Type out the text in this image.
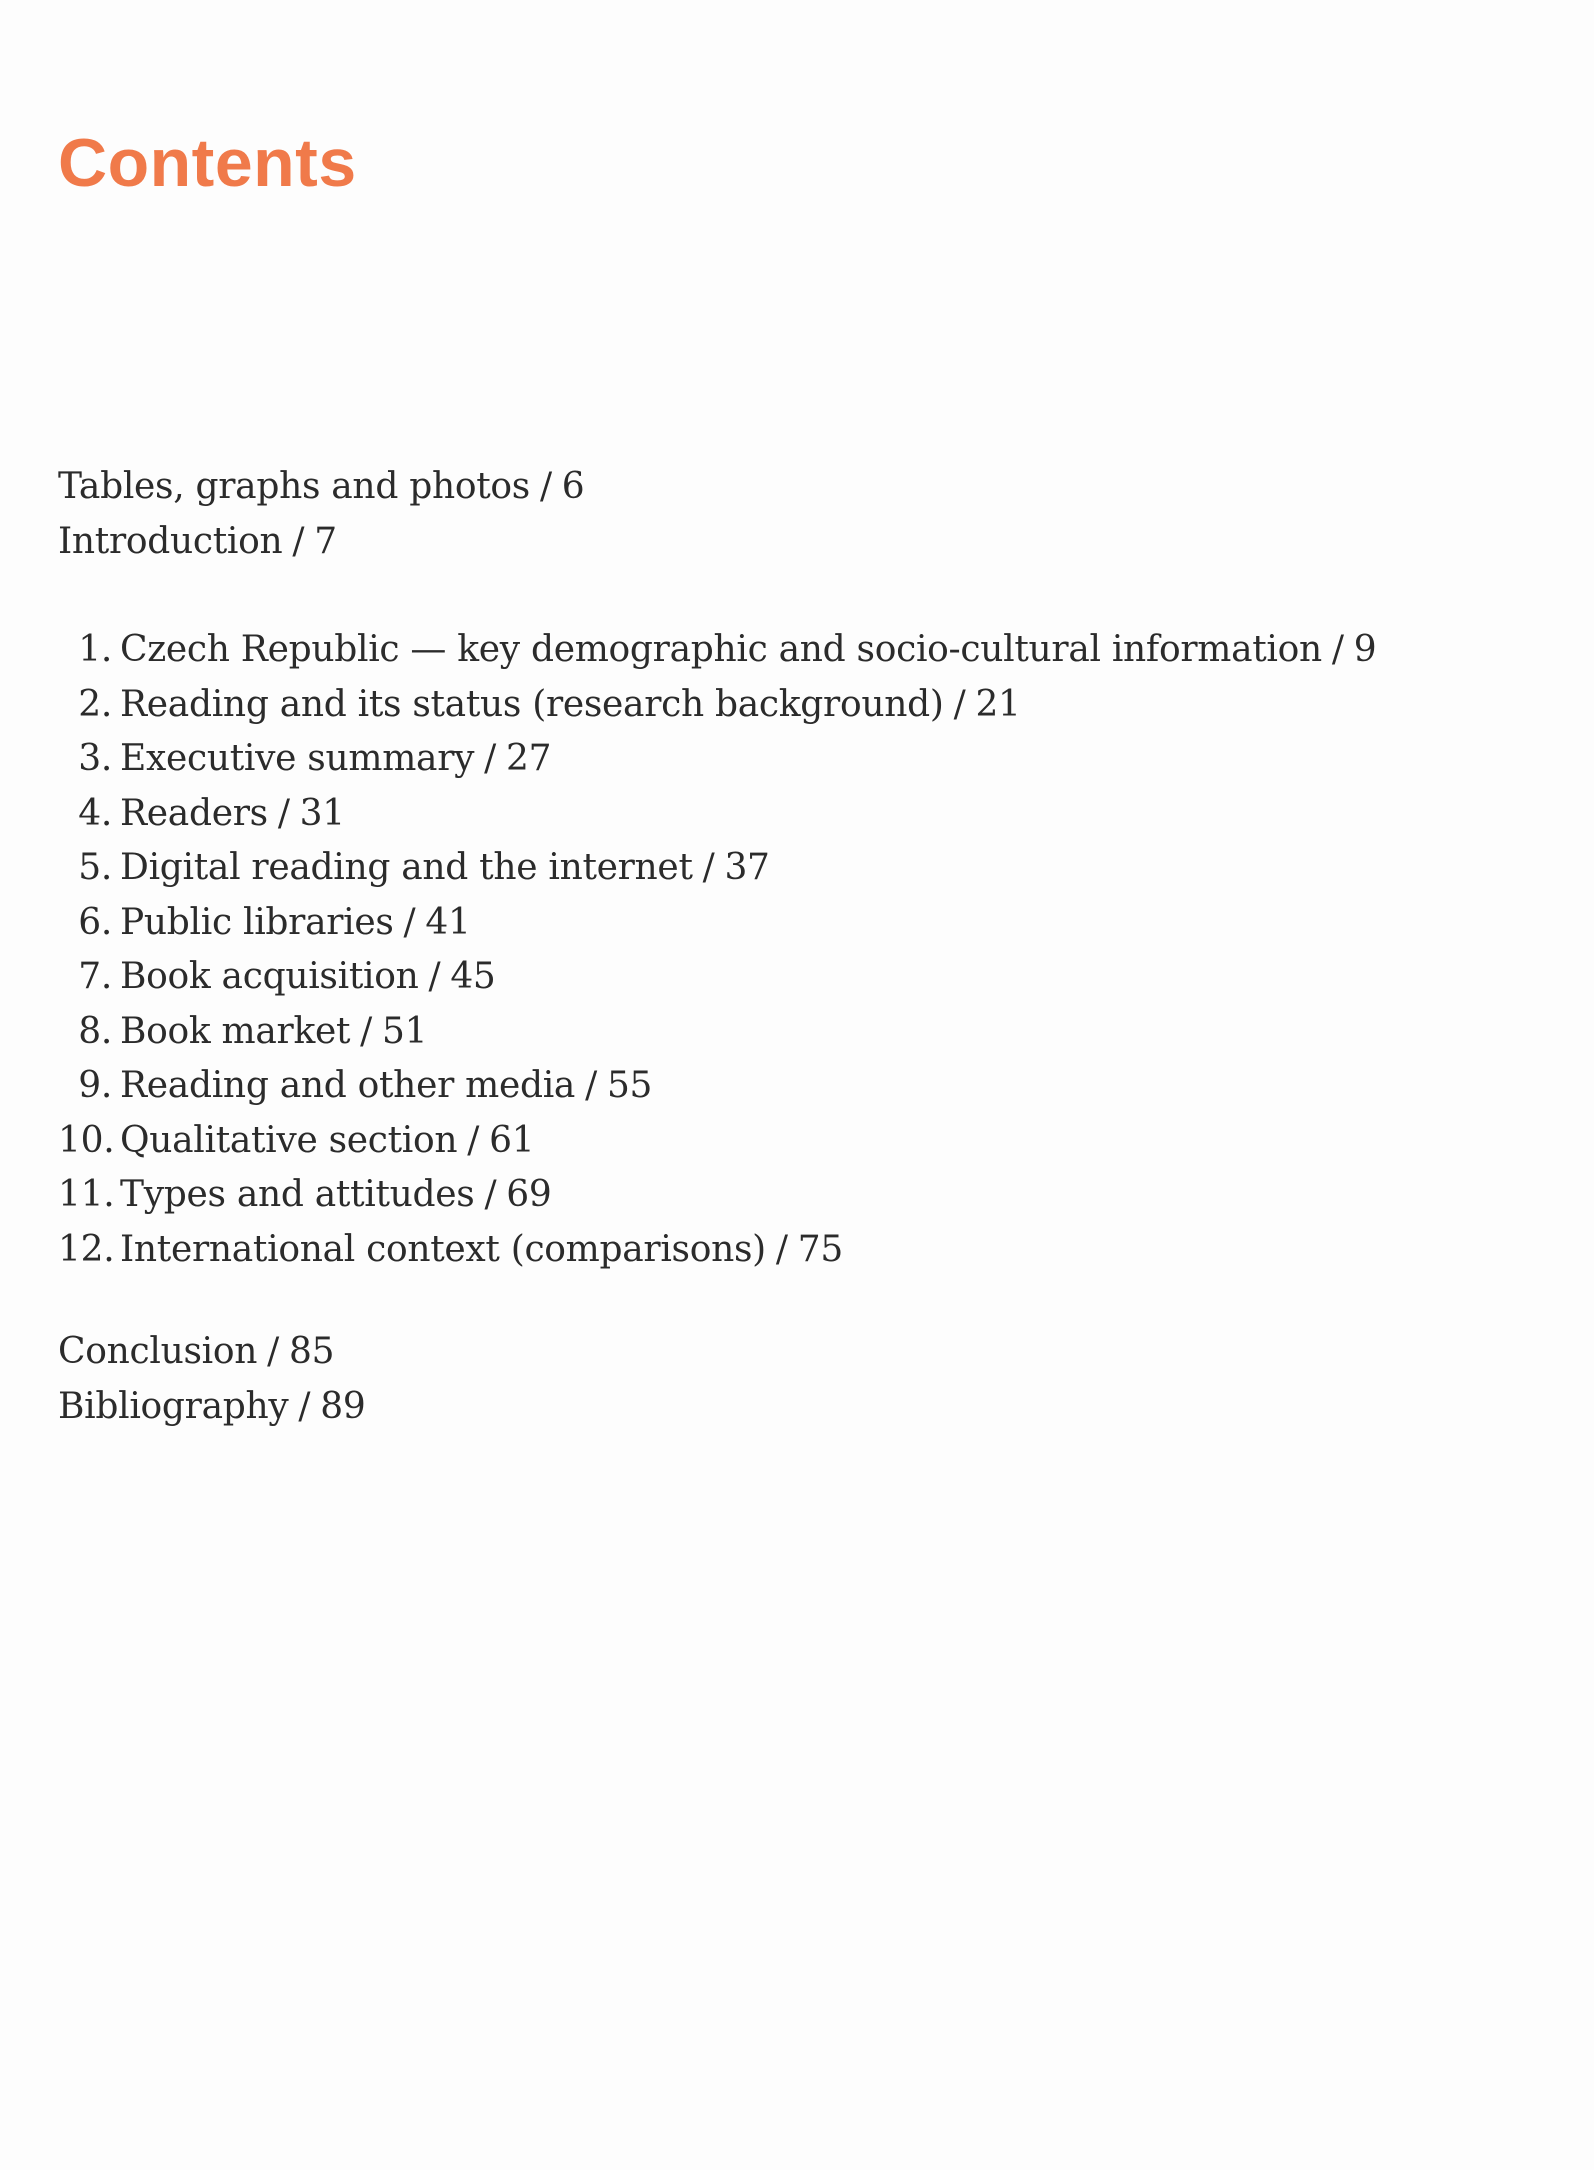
Contents
Tables, graphs and photos / 6
Introduction / 7
1 . Czech Republic — key demographic and socio-cultural information / 9
2 . Reading and its status (research background) / 21
3 . Executive summary / 27
4 . Readers / 31
5 . Digital reading and the internet / 37
6 . Public libraries / 41
7 . Book acquisition / 45
8 . Book market / 51
9 . Reading and other media / 55
10 . Qualitative section / 61
11 . Types and attitudes / 69
12 . International context (comparisons) / 75
Conclusion / 85
Bibliography / 89
